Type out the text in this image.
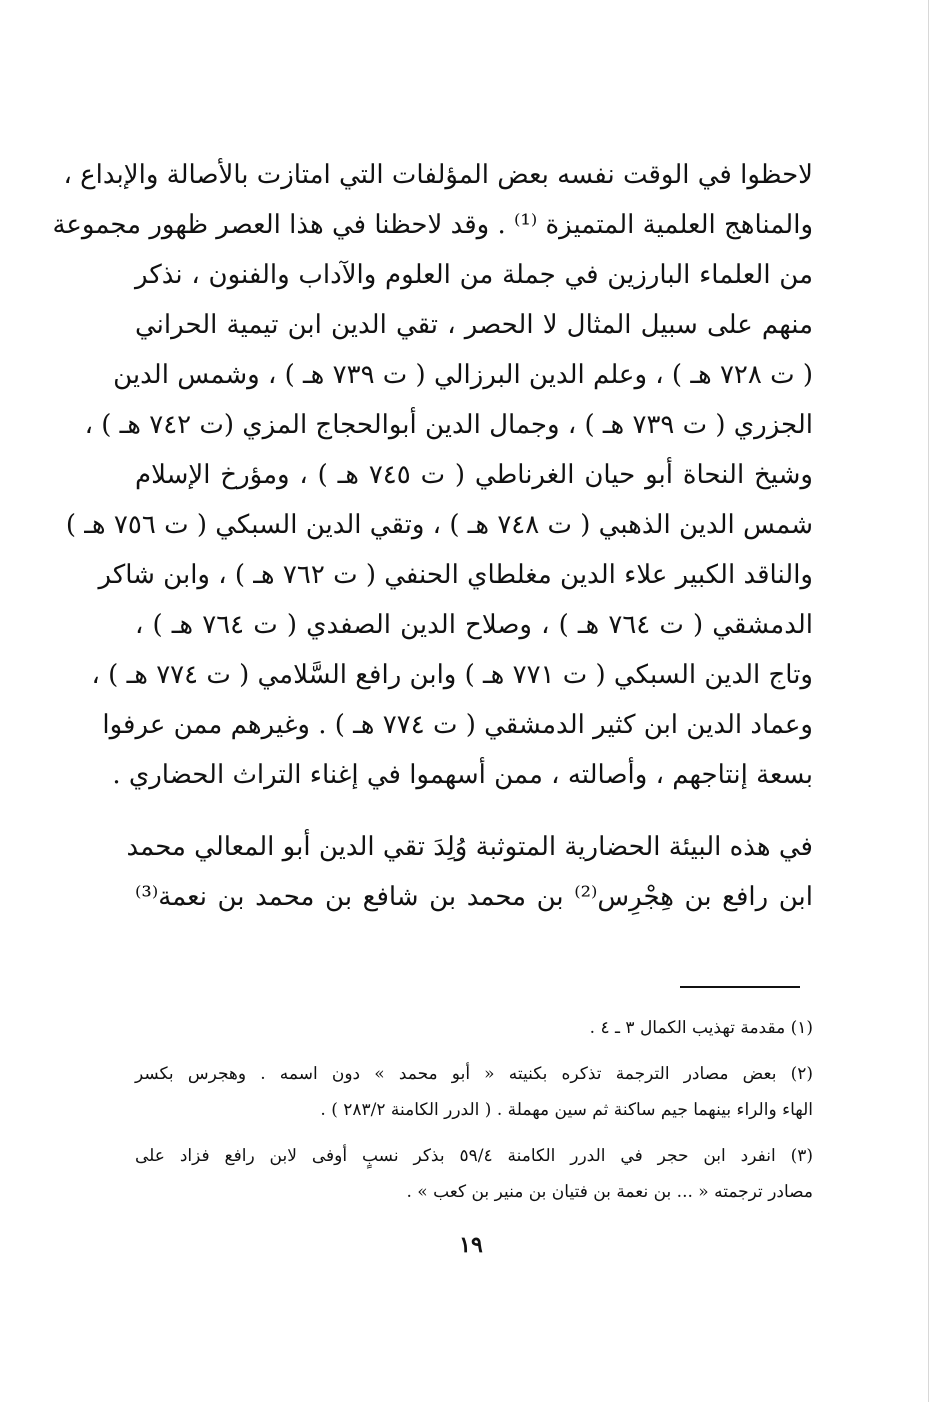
لاحظوا في الوقت نفسه بعض المؤلفات التي امتازت بالأصالة والإبداع ،
والمناهج العلمية المتميزة ⁽¹⁾ . وقد لاحظنا في هذا العصر ظهور مجموعة
من العلماء البارزين في جملة من العلوم والآداب والفنون ، نذكر
منهم على سبيل المثال لا الحصر ، تقي الدين ابن تيمية الحراني
( ت ٧٢٨ هـ ) ، وعلم الدين البرزالي ( ت ٧٣٩ هـ ) ، وشمس الدين
الجزري ( ت ٧٣٩ هـ ) ، وجمال الدين أبوالحجاج المزي (ت ٧٤٢ هـ ) ،
وشيخ النحاة أبو حيان الغرناطي ( ت ٧٤٥ هـ ) ، ومؤرخ الإسلام
شمس الدين الذهبي ( ت ٧٤٨ هـ ) ، وتقي الدين السبكي ( ت ٧٥٦ هـ )
والناقد الكبير علاء الدين مغلطاي الحنفي ( ت ٧٦٢ هـ ) ، وابن شاكر
الدمشقي ( ت ٧٦٤ هـ ) ، وصلاح الدين الصفدي ( ت ٧٦٤ هـ ) ،
وتاج الدين السبكي ( ت ٧٧١ هـ ) وابن رافع السَّلامي ( ت ٧٧٤ هـ ) ،
وعماد الدين ابن كثير الدمشقي ( ت ٧٧٤ هـ ) . وغيرهم ممن عرفوا
بسعة إنتاجهم ، وأصالته ، ممن أسهموا في إغناء التراث الحضاري .
في هذه البيئة الحضارية المتوثبة وُلِدَ تقي الدين أبو المعالي محمد
ابن رافع بن هِجْرِس⁽²⁾ بن محمد بن شافع بن محمد بن نعمة⁽³⁾
(١) مقدمة تهذيب الكمال ٣ ـ ٤ .
(٢) بعض مصادر الترجمة تذكره بكنيته « أبو محمد » دون اسمه . وهجرس بكسر
الهاء والراء بينهما جيم ساكنة ثم سين مهملة . ( الدرر الكامنة ٢٨٣/٢ ) .
(٣) انفرد ابن حجر في الدرر الكامنة ٥٩/٤ بذكر نسبٍ أوفى لابن رافع فزاد على
مصادر ترجمته « ... بن نعمة بن فتيان بن منير بن كعب » .
١٩
